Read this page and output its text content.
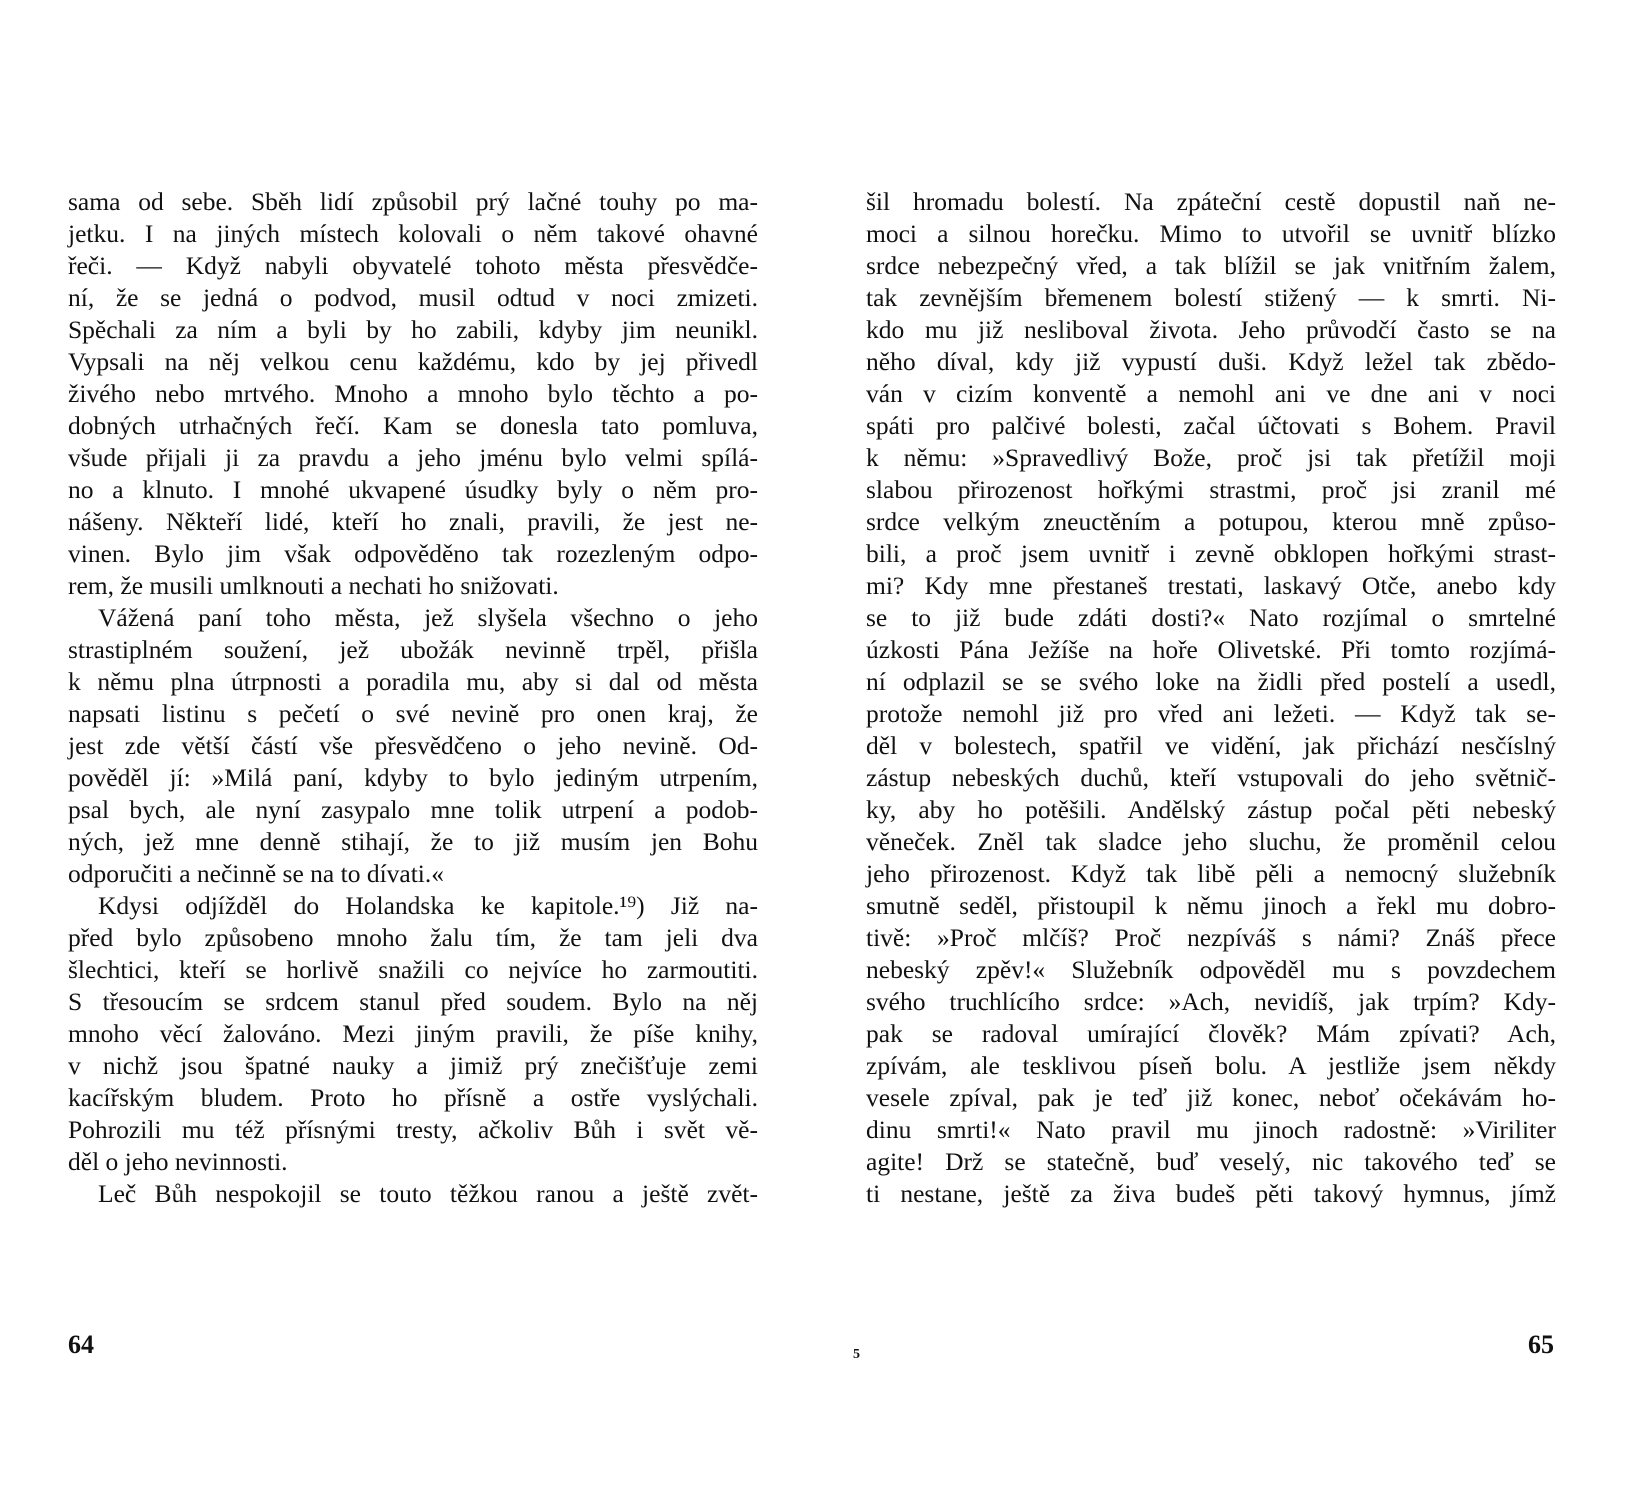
sama od sebe. Sběh lidí způsobil prý lačné touhy po ma-
jetku. I na jiných místech kolovali o něm takové ohavné
řeči. — Když nabyli obyvatelé tohoto města přesvědče-
ní, že se jedná o podvod, musil odtud v noci zmizeti.
Spěchali za ním a byli by ho zabili, kdyby jim neunikl.
Vypsali na něj velkou cenu každému, kdo by jej přivedl
živého nebo mrtvého. Mnoho a mnoho bylo těchto a po-
dobných utrhačných řečí. Kam se donesla tato pomluva,
všude přijali ji za pravdu a jeho jménu bylo velmi spílá-
no a klnuto. I mnohé ukvapené úsudky byly o něm pro-
nášeny. Někteří lidé, kteří ho znali, pravili, že jest ne-
vinen. Bylo jim však odpověděno tak rozezleným odpo-
rem, že musili umlknouti a nechati ho snižovati.
Vážená paní toho města, jež slyšela všechno o jeho
strastiplném soužení, jež ubožák nevinně trpěl, přišla
k němu plna útrpnosti a poradila mu, aby si dal od města
napsati listinu s pečetí o své nevině pro onen kraj, že
jest zde větší částí vše přesvědčeno o jeho nevině. Od-
pověděl jí: »Milá paní, kdyby to bylo jediným utrpením,
psal bych, ale nyní zasypalo mne tolik utrpení a podob-
ných, jež mne denně stihají, že to již musím jen Bohu
odporučiti a nečinně se na to dívati.«
Kdysi odjížděl do Holandska ke kapitole.¹⁹) Již na-
před bylo způsobeno mnoho žalu tím, že tam jeli dva
šlechtici, kteří se horlivě snažili co nejvíce ho zarmoutiti.
S třesoucím se srdcem stanul před soudem. Bylo na něj
mnoho věcí žalováno. Mezi jiným pravili, že píše knihy,
v nichž jsou špatné nauky a jimiž prý znečišťuje zemi
kacířským bludem. Proto ho přísně a ostře vyslýchali.
Pohrozili mu též přísnými tresty, ačkoliv Bůh i svět vě-
děl o jeho nevinnosti.
Leč Bůh nespokojil se touto těžkou ranou a ještě zvět-
64
šil hromadu bolestí. Na zpáteční cestě dopustil naň ne-
moci a silnou horečku. Mimo to utvořil se uvnitř blízko
srdce nebezpečný vřed, a tak blížil se jak vnitřním žalem,
tak zevnějším břemenem bolestí stižený — k smrti. Ni-
kdo mu již nesliboval života. Jeho průvodčí často se na
něho díval, kdy již vypustí duši. Když ležel tak zbědo-
ván v cizím konventě a nemohl ani ve dne ani v noci
spáti pro palčivé bolesti, začal účtovati s Bohem. Pravil
k němu: »Spravedlivý Bože, proč jsi tak přetížil moji
slabou přirozenost hořkými strastmi, proč jsi zranil mé
srdce velkým zneuctěním a potupou, kterou mně způso-
bili, a proč jsem uvnitř i zevně obklopen hořkými strast-
mi? Kdy mne přestaneš trestati, laskavý Otče, anebo kdy
se to již bude zdáti dosti?« Nato rozjímal o smrtelné
úzkosti Pána Ježíše na hoře Olivetské. Při tomto rozjímá-
ní odplazil se se svého loke na židli před postelí a usedl,
protože nemohl již pro vřed ani ležeti. — Když tak se-
děl v bolestech, spatřil ve vidění, jak přichází nesčíslný
zástup nebeských duchů, kteří vstupovali do jeho světnič-
ky, aby ho potěšili. Andělský zástup počal pěti nebeský
věneček. Zněl tak sladce jeho sluchu, že proměnil celou
jeho přirozenost. Když tak libě pěli a nemocný služebník
smutně seděl, přistoupil k němu jinoch a řekl mu dobro-
tivě: »Proč mlčíš? Proč nezpíváš s námi? Znáš přece
nebeský zpěv!« Služebník odpověděl mu s povzdechem
svého truchlícího srdce: »Ach, nevidíš, jak trpím? Kdy-
pak se radoval umírající člověk? Mám zpívati? Ach,
zpívám, ale tesklivou píseň bolu. A jestliže jsem někdy
vesele zpíval, pak je teď již konec, neboť očekávám ho-
dinu smrti!« Nato pravil mu jinoch radostně: »Viriliter
agite! Drž se statečně, buď veselý, nic takového teď se
ti nestane, ještě za živa budeš pěti takový hymnus, jímž
5	65
